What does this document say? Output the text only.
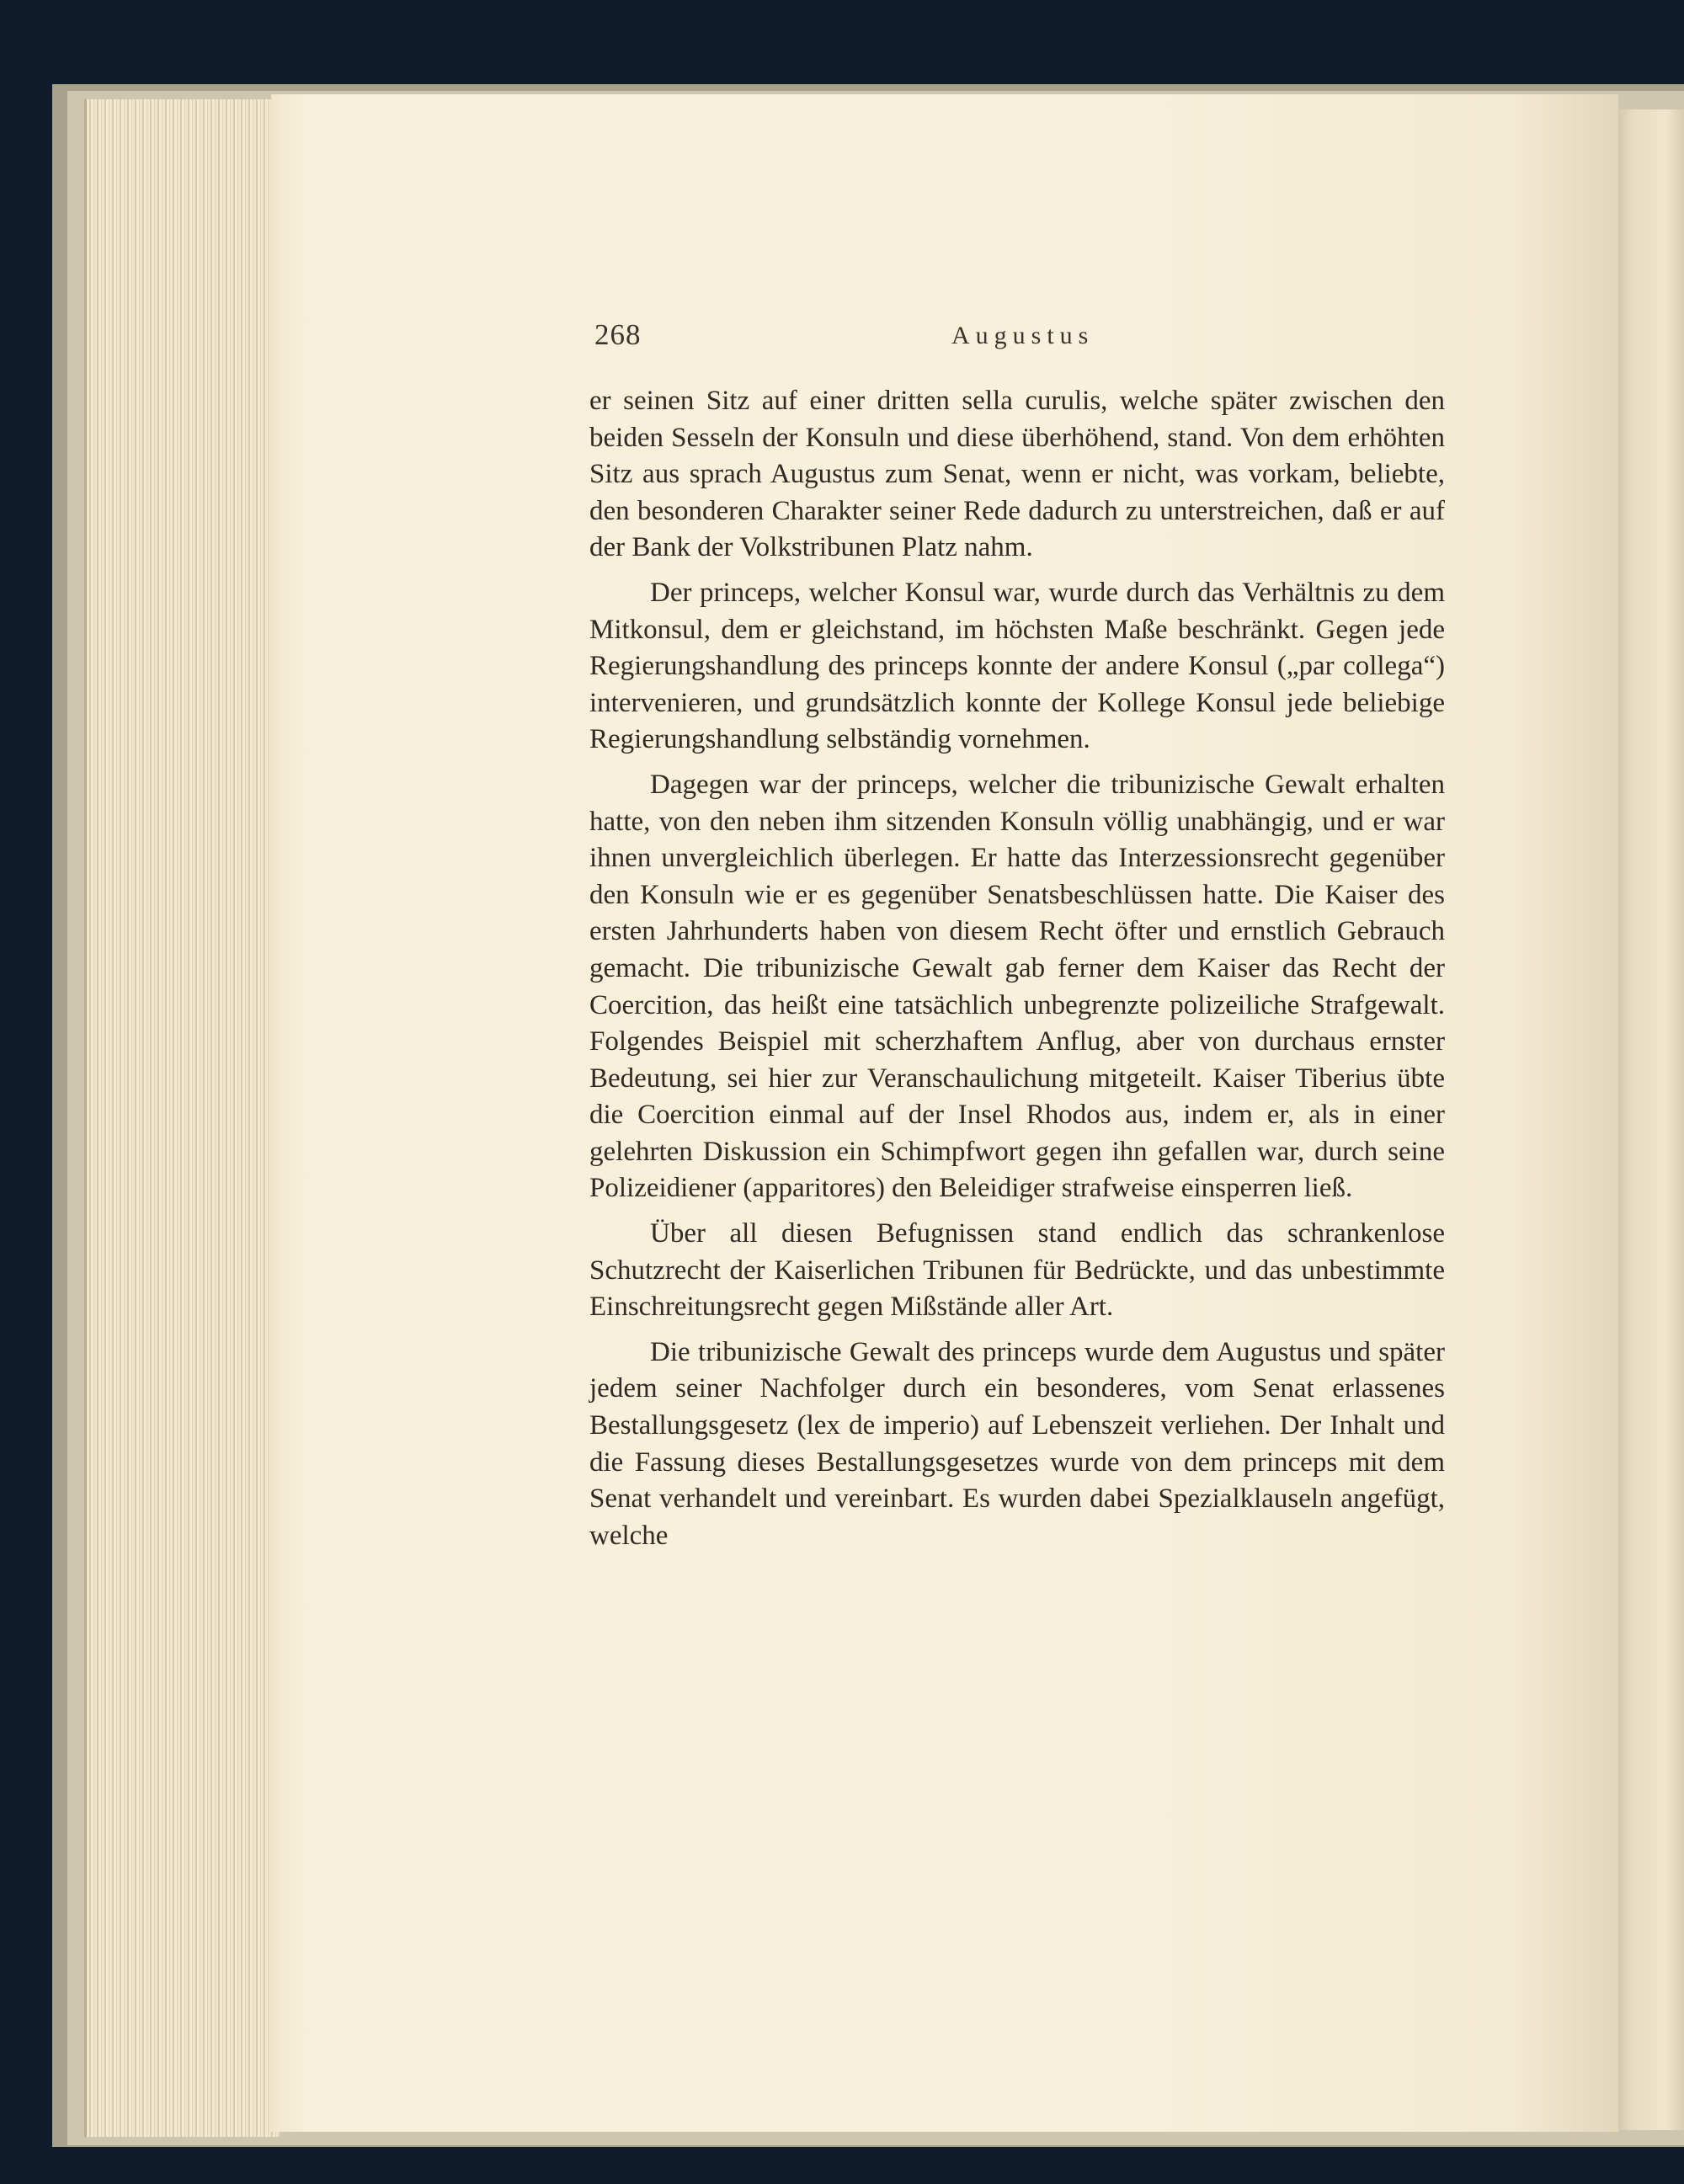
268	Augustus

er seinen Sitz auf einer dritten sella curulis, welche später zwischen den beiden Sesseln der Konsuln und diese überhöhend, stand. Von dem erhöhten Sitz aus sprach Augustus zum Senat, wenn er nicht, was vorkam, beliebte, den besonderen Charakter seiner Rede dadurch zu unterstreichen, daß er auf der Bank der Volkstribunen Platz nahm.

Der princeps, welcher Konsul war, wurde durch das Verhältnis zu dem Mitkonsul, dem er gleichstand, im höchsten Maße beschränkt. Gegen jede Regierungshandlung des princeps konnte der andere Konsul („par collega“) intervenieren, und grundsätzlich konnte der Kollege Konsul jede beliebige Regierungshandlung selbständig vornehmen.

Dagegen war der princeps, welcher die tribunizische Gewalt erhalten hatte, von den neben ihm sitzenden Konsuln völlig unabhängig, und er war ihnen unvergleichlich überlegen. Er hatte das Interzessionsrecht gegenüber den Konsuln wie er es gegenüber Senatsbeschlüssen hatte. Die Kaiser des ersten Jahrhunderts haben von diesem Recht öfter und ernstlich Gebrauch gemacht. Die tribunizische Gewalt gab ferner dem Kaiser das Recht der Coercition, das heißt eine tatsächlich unbegrenzte polizeiliche Strafgewalt. Folgendes Beispiel mit scherzhaftem Anflug, aber von durchaus ernster Bedeutung, sei hier zur Veranschaulichung mitgeteilt. Kaiser Tiberius übte die Coercition einmal auf der Insel Rhodos aus, indem er, als in einer gelehrten Diskussion ein Schimpfwort gegen ihn gefallen war, durch seine Polizeidiener (apparitores) den Beleidiger strafweise einsperren ließ.

Über all diesen Befugnissen stand endlich das schrankenlose Schutzrecht der Kaiserlichen Tribunen für Bedrückte, und das unbestimmte Einschreitungsrecht gegen Mißstände aller Art.

Die tribunizische Gewalt des princeps wurde dem Augustus und später jedem seiner Nachfolger durch ein besonderes, vom Senat erlassenes Bestallungsgesetz (lex de imperio) auf Lebenszeit verliehen. Der Inhalt und die Fassung dieses Bestallungsgesetzes wurde von dem princeps mit dem Senat verhandelt und vereinbart. Es wurden dabei Spezialklauseln angefügt, welche
